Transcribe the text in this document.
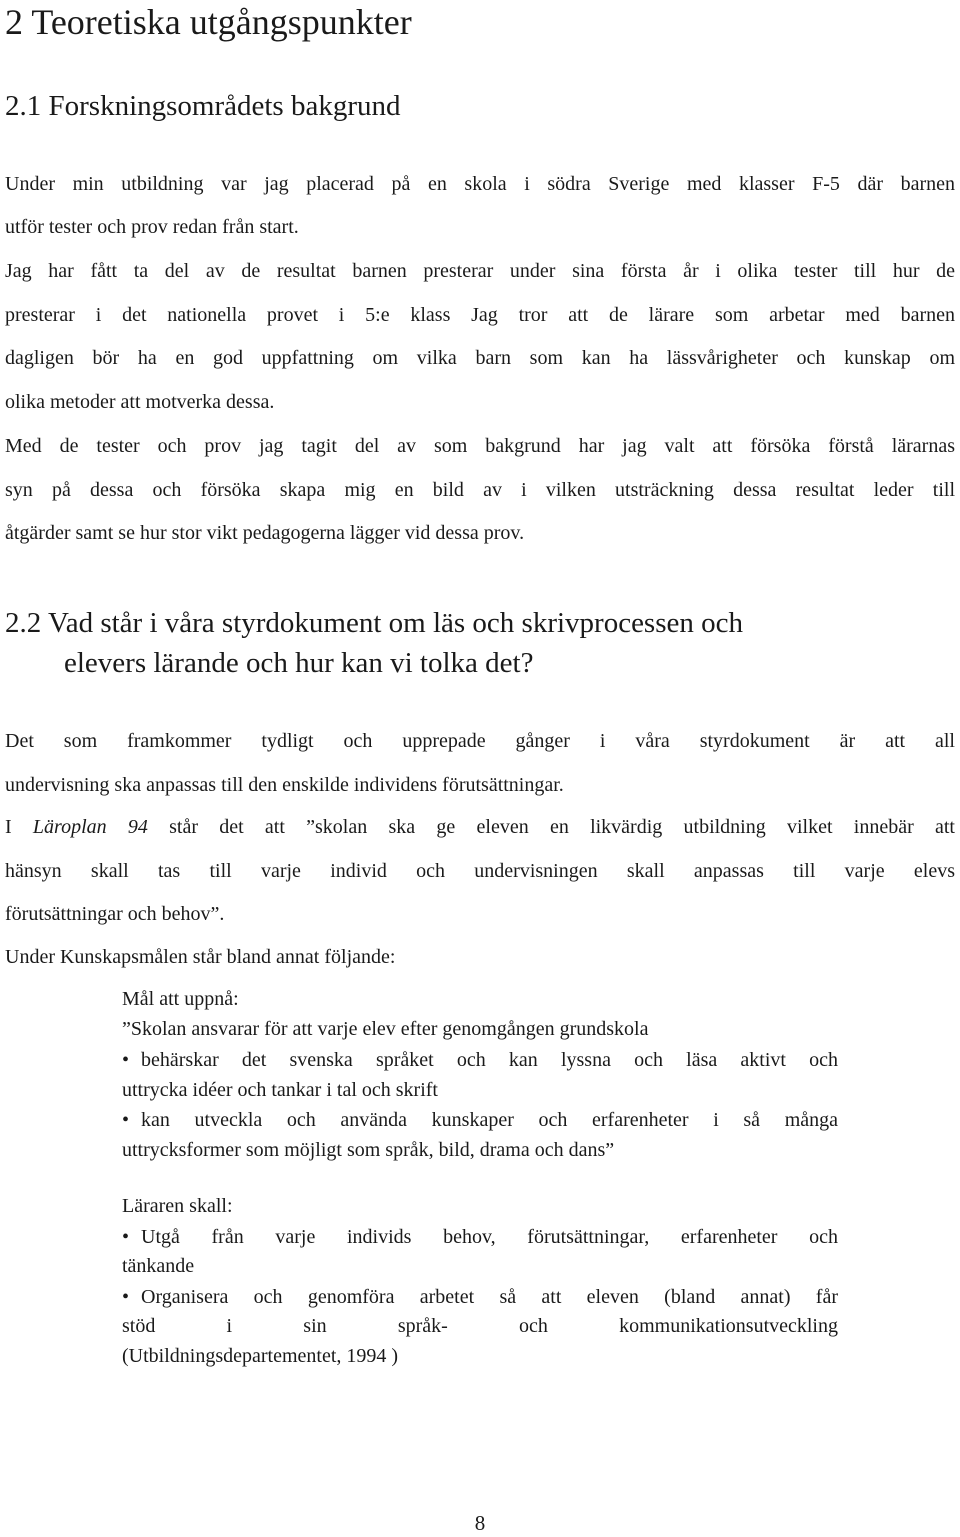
2 Teoretiska utgångspunkter
2.1 Forskningsområdets bakgrund
Under min utbildning var jag placerad på en skola i södra Sverige med klasser F-5 där barnen
utför tester och prov redan från start.
Jag har fått ta del av de resultat barnen presterar under sina första år i olika tester till hur de
presterar i det nationella provet i 5:e klass Jag tror att de lärare som arbetar med barnen
dagligen bör ha en god uppfattning om vilka barn som kan ha lässvårigheter och kunskap om
olika metoder att motverka dessa.
Med de tester och prov jag tagit del av som bakgrund har jag valt att försöka förstå lärarnas
syn på dessa och försöka skapa mig en bild av i vilken utsträckning dessa resultat leder till
åtgärder samt se hur stor vikt pedagogerna lägger vid dessa prov.
2.2 Vad står i våra styrdokument om läs och skrivprocessen och
elevers lärande och hur kan vi tolka det?
Det som framkommer tydligt och upprepade gånger i våra styrdokument är att all
undervisning ska anpassas till den enskilde individens förutsättningar.
I Läroplan 94 står det att ”skolan ska ge eleven en likvärdig utbildning vilket innebär att
hänsyn skall tas till varje individ och undervisningen skall anpassas till varje elevs
förutsättningar och behov”.

Under Kunskapsmålen står bland annat följande:

Mål att uppnå:
”Skolan ansvarar för att varje elev efter genomgången grundskola
• behärskar det svenska språket och kan lyssna och läsa aktivt och
uttrycka idéer och tankar i tal och skrift
• kan utveckla och använda kunskaper och erfarenheter i så många
uttrycksformer som möjligt som språk, bild, drama och dans”
Läraren skall:
• Utgå från varje individs behov, förutsättningar, erfarenheter och
tänkande
• Organisera och genomföra arbetet så att eleven (bland annat) får
stöd i sin språk- och kommunikationsutveckling
(Utbildningsdepartementet, 1994 )
8
